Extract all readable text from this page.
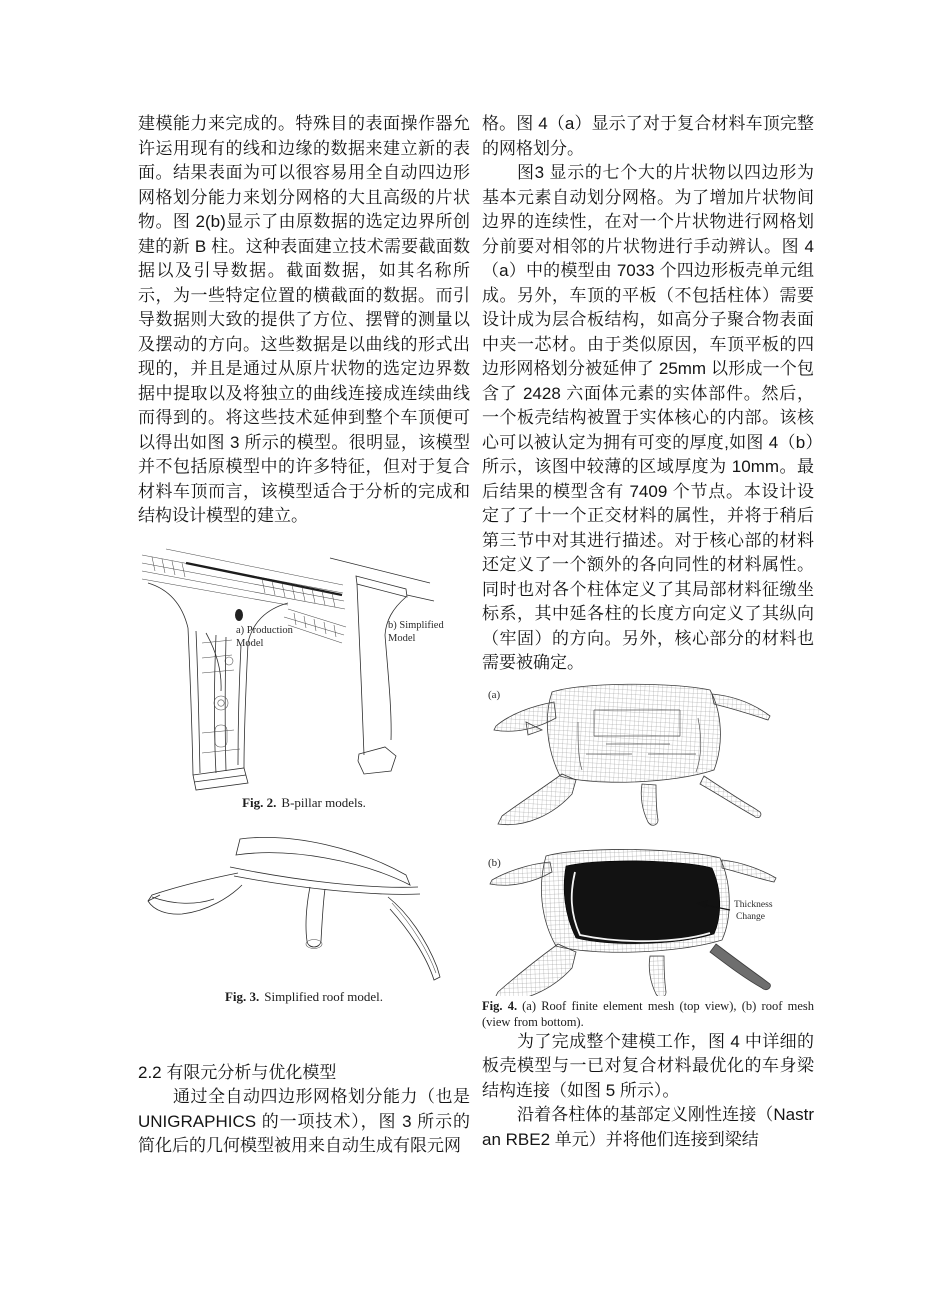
建模能力来完成的。特殊目的表面操作器允许运用现有的线和边缘的数据来建立新的表面。结果表面为可以很容易用全自动四边形网格划分能力来划分网格的大且高级的片状物。图 2(b)显示了由原数据的选定边界所创建的新 B 柱。这种表面建立技术需要截面数据以及引导数据。截面数据，如其名称所示，为一些特定位置的横截面的数据。而引导数据则大致的提供了方位、摆臂的测量以及摆动的方向。这些数据是以曲线的形式出现的，并且是通过从原片状物的选定边界数据中提取以及将独立的曲线连接成连续曲线而得到的。将这些技术延伸到整个车顶便可以得出如图 3 所示的模型。很明显，该模型并不包括原模型中的许多特征，但对于复合材料车顶而言，该模型适合于分析的完成和结构设计模型的建立。

a) Production
Model
b) Simplified
Model

Fig. 2. B-pillar models.

Fig. 3. Simplified roof model.

2.2 有限元分析与优化模型

通过全自动四边形网格划分能力（也是 UNIGRAPHICS 的一项技术），图 3 所示的简化后的几何模型被用来自动生成有限元网

格。图 4（a）显示了对于复合材料车顶完整的网格划分。

图3 显示的七个大的片状物以四边形为基本元素自动划分网格。为了增加片状物间边界的连续性，在对一个片状物进行网格划分前要对相邻的片状物进行手动辨认。图 4（a）中的模型由 7033 个四边形板壳单元组成。另外，车顶的平板（不包括柱体）需要设计成为层合板结构，如高分子聚合物表面中夹一芯材。由于类似原因，车顶平板的四边形网格划分被延伸了 25mm 以形成一个包含了 2428 六面体元素的实体部件。然后，一个板壳结构被置于实体核心的内部。该核心可以被认定为拥有可变的厚度,如图 4（b）所示，该图中较薄的区域厚度为 10mm。最后结果的模型含有 7409 个节点。本设计设定了了十一个正交材料的属性，并将于稍后第三节中对其进行描述。对于核心部的材料还定义了一个额外的各向同性的材料属性。同时也对各个柱体定义了其局部材料征缴坐标系，其中延各柱的长度方向定义了其纵向（牢固）的方向。另外，核心部分的材料也需要被确定。

(a)
(b)
Thickness
Change

Fig. 4. (a) Roof finite element mesh (top view), (b) roof mesh (view from bottom).

为了完成整个建模工作，图 4 中详细的板壳模型与一已对复合材料最优化的车身梁结构连接（如图 5 所示）。

沿着各柱体的基部定义刚性连接（Nastran RBE2 单元）并将他们连接到梁结
